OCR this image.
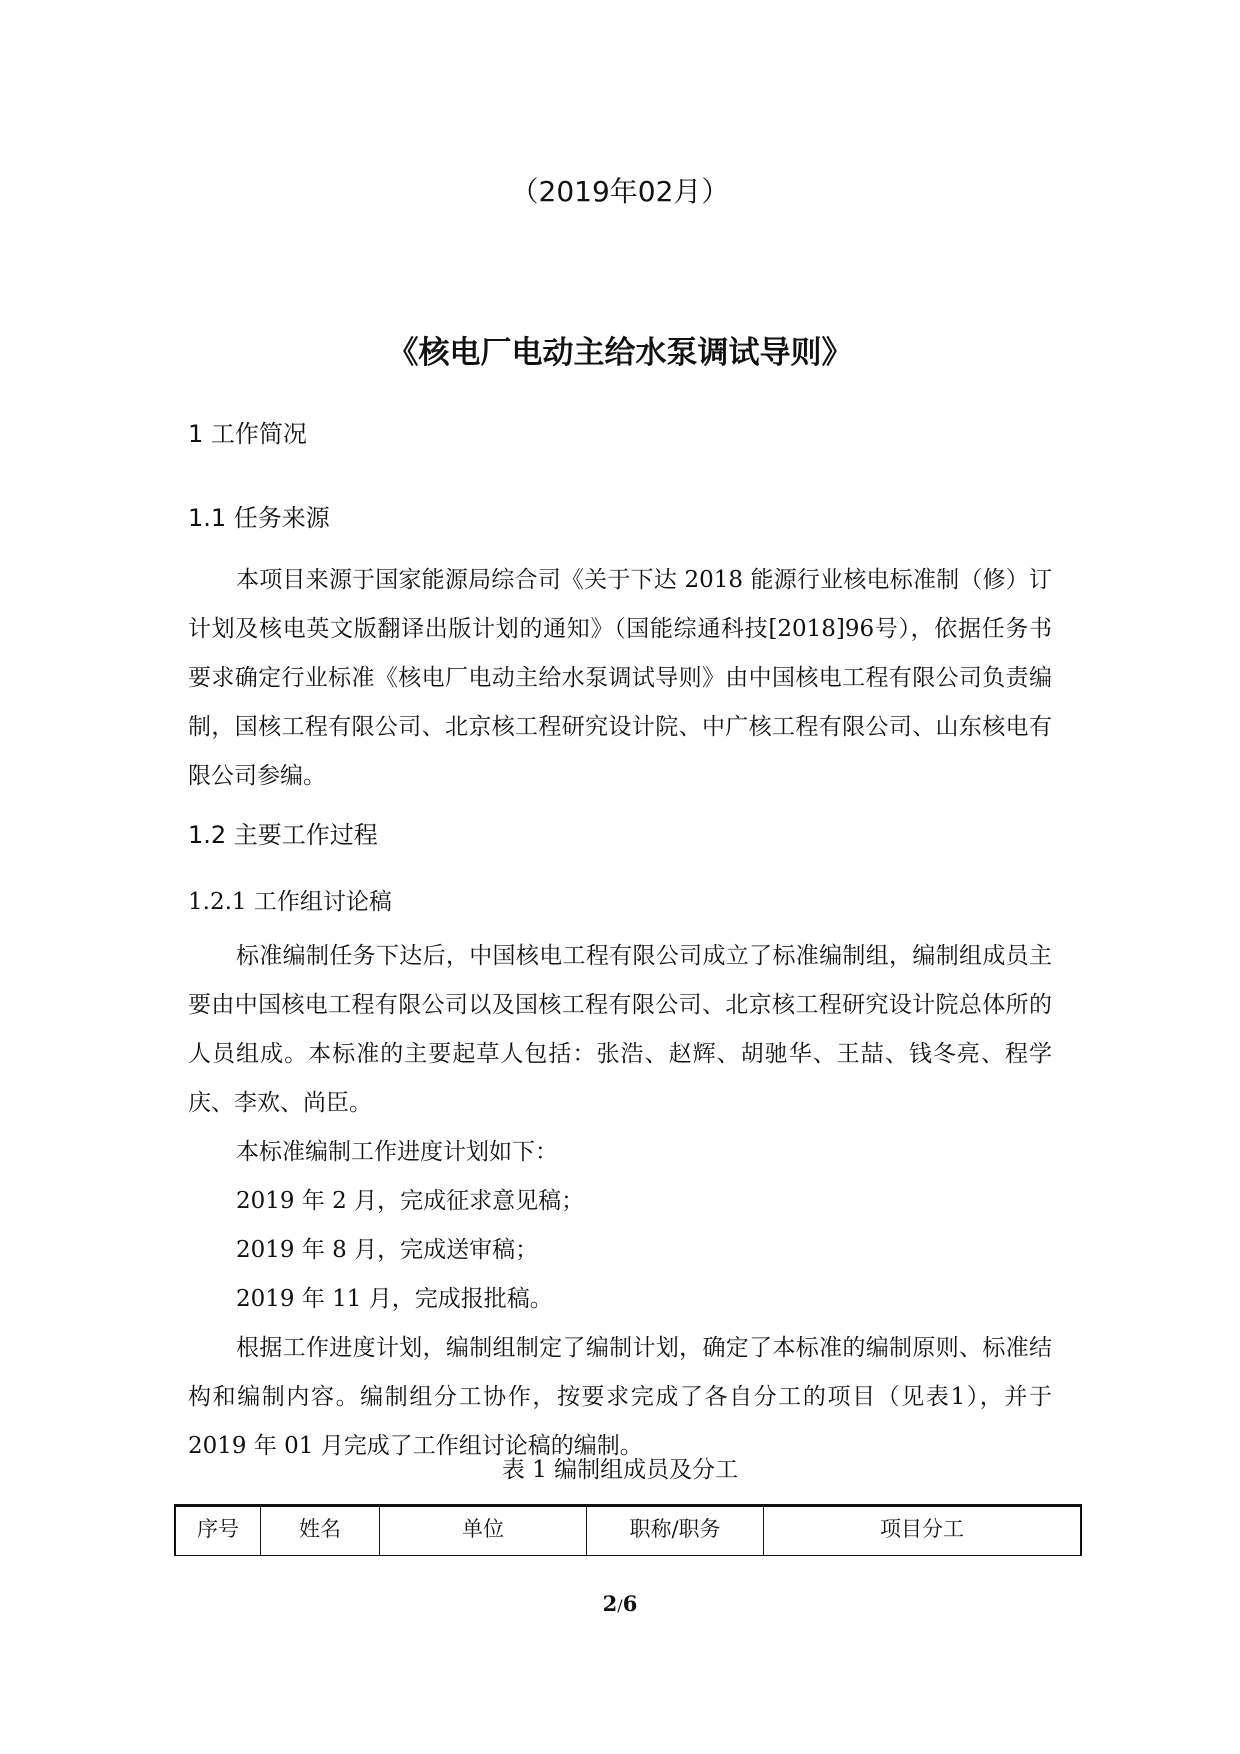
（2019年02月）
《核电厂电动主给水泵调试导则》
1 工作简况
1.1 任务来源

本项目来源于国家能源局综合司《关于下达 2018 能源行业核电标准制（修）订计划及核电英文版翻译出版计划的通知》（国能综通科技[2018]96号），依据任务书要求确定行业标准《核电厂电动主给水泵调试导则》由中国核电工程有限公司负责编制，国核工程有限公司、北京核工程研究设计院、中广核工程有限公司、山东核电有限公司参编。

1.2 主要工作过程
1.2.1 工作组讨论稿

标准编制任务下达后，中国核电工程有限公司成立了标准编制组，编制组成员主要由中国核电工程有限公司以及国核工程有限公司、北京核工程研究设计院总体所的人员组成。本标准的主要起草人包括：张浩、赵辉、胡驰华、王喆、钱冬亮、程学庆、李欢、尚臣。

本标准编制工作进度计划如下：
2019 年 2 月，完成征求意见稿；
2019 年 8 月，完成送审稿；
2019 年 11 月，完成报批稿。

根据工作进度计划，编制组制定了编制计划，确定了本标准的编制原则、标准结构和编制内容。编制组分工协作，按要求完成了各自分工的项目（见表1），并于 2019 年 01 月完成了工作组讨论稿的编制。

表 1 编制组成员及分工
序号	姓名	单位	职称/职务	项目分工
2/6
